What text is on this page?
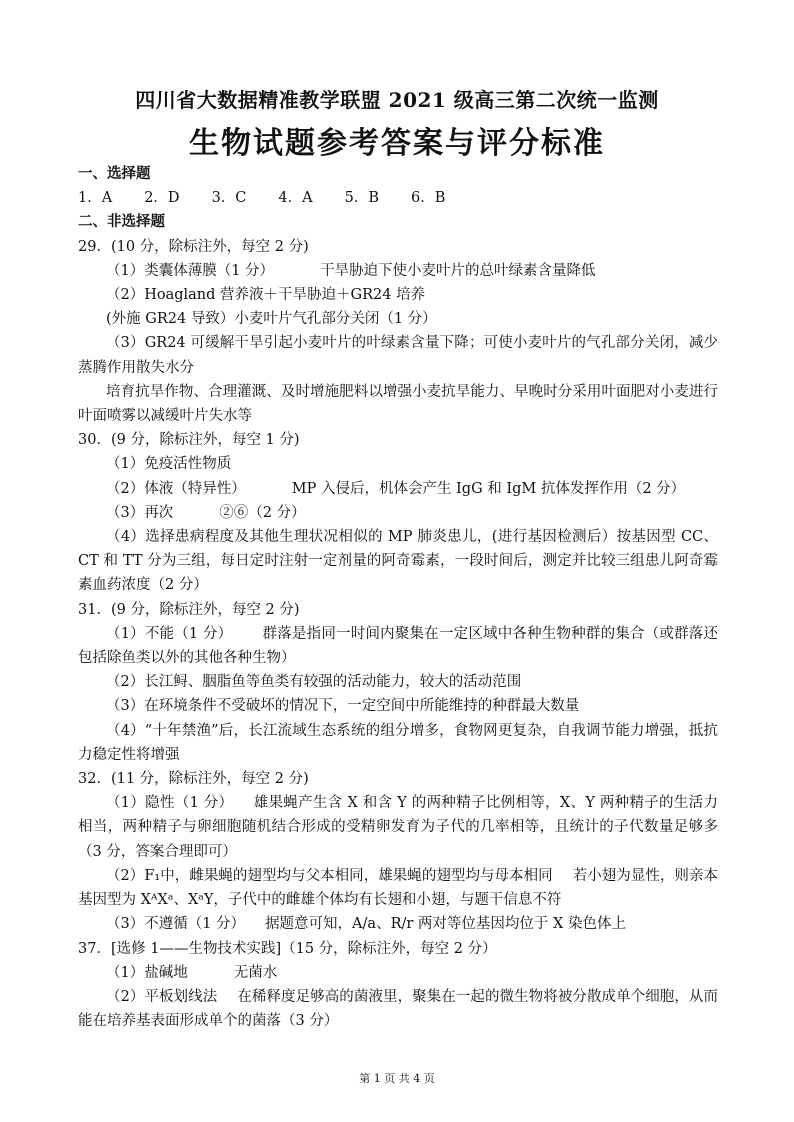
四川省大数据精准教学联盟 2021 级高三第二次统一监测
生物试题参考答案与评分标准
一、选择题
1．A 2．D 3．C 4．A 5．B 6．B
二、非选择题
29．(10 分，除标注外，每空 2 分)
（1）类囊体薄膜（1 分）	干旱胁迫下使小麦叶片的总叶绿素含量降低
（2）Hoagland 营养液＋干旱胁迫＋GR24 培养
(外施 GR24 导致）小麦叶片气孔部分关闭（1 分）
（3）GR24 可缓解干旱引起小麦叶片的叶绿素含量下降；可使小麦叶片的气孔部分关闭，减少蒸腾作用散失水分
培育抗旱作物、合理灌溉、及时增施肥料以增强小麦抗旱能力、早晚时分采用叶面肥对小麦进行叶面喷雾以减缓叶片失水等
30．(9 分，除标注外，每空 1 分)
（1）免疫活性物质
（2）体液（特异性）	MP 入侵后，机体会产生 IgG 和 IgM 抗体发挥作用（2 分）
（3）再次	②⑥（2 分）
（4）选择患病程度及其他生理状况相似的 MP 肺炎患儿，(进行基因检测后）按基因型 CC、CT 和 TT 分为三组，每日定时注射一定剂量的阿奇霉素，一段时间后，测定并比较三组患儿阿奇霉素血药浓度（2 分）
31．(9 分，除标注外，每空 2 分)
（1）不能（1 分） 群落是指同一时间内聚集在一定区域中各种生物种群的集合（或群落还包括除鱼类以外的其他各种生物）
（2）长江鲟、胭脂鱼等鱼类有较强的活动能力，较大的活动范围
（3）在环境条件不受破坏的情况下，一定空间中所能维持的种群最大数量
（4）“十年禁渔”后，长江流域生态系统的组分增多，食物网更复杂，自我调节能力增强，抵抗力稳定性将增强
32．(11 分，除标注外，每空 2 分)
（1）隐性（1 分） 雄果蝇产生含 X 和含 Y 的两种精子比例相等，X、Y 两种精子的生活力相当，两种精子与卵细胞随机结合形成的受精卵发育为子代的几率相等，且统计的子代数量足够多（3 分，答案合理即可）
（2）F₁中，雌果蝇的翅型均与父本相同，雄果蝇的翅型均与母本相同 若小翅为显性，则亲本基因型为 XᴬXᵃ、XᵃY，子代中的雌雄个体均有长翅和小翅，与题干信息不符
（3）不遵循（1 分） 据题意可知，A/a、R/r 两对等位基因均位于 X 染色体上
37．[选修 1——生物技术实践]（15 分，除标注外，每空 2 分）
（1）盐碱地	无菌水
（2）平板划线法 在稀释度足够高的菌液里，聚集在一起的微生物将被分散成单个细胞，从而能在培养基表面形成单个的菌落（3 分）
第 1 页 共 4 页
